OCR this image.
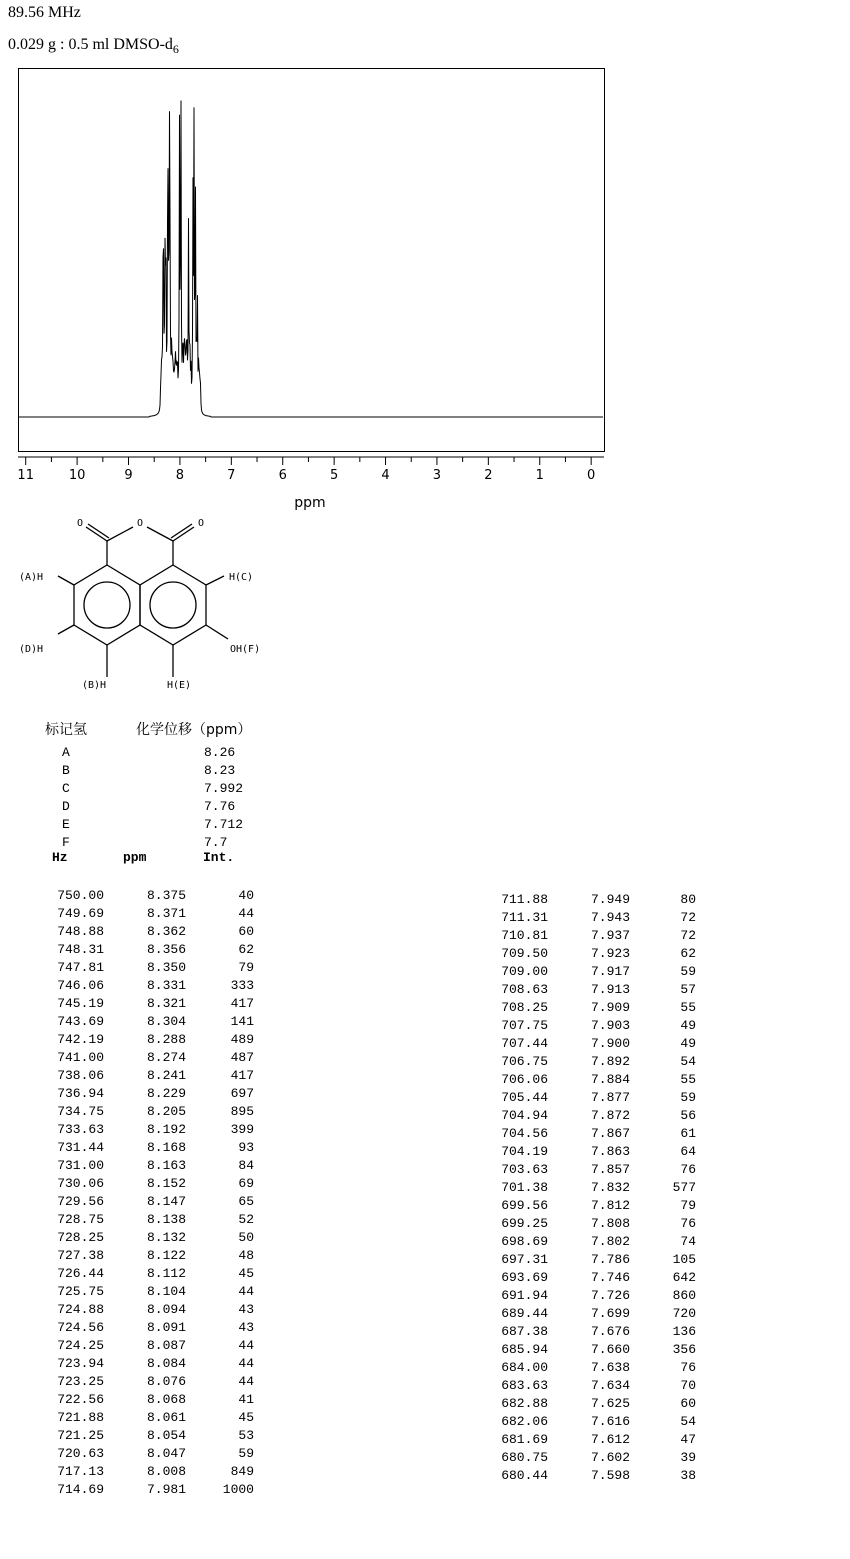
89.56 MHz
0.029 g : 0.5 ml DMSO-$d_6$
11	10	9	8	7	6	5	4	3	2	1	0
ppm
O	O	O
(A)H	H(C)
(D)H	OH(F)
(B)H	H(E)
标记氢	化学位移（ppm）
A	8.26
B	8.23
C	7.992
D	7.76
E	7.712
F	7.7
Hz	ppm	Int.
750.00	8.375	40
749.69	8.371	44
748.88	8.362	60
748.31	8.356	62
747.81	8.350	79
746.06	8.331	333
745.19	8.321	417
743.69	8.304	141
742.19	8.288	489
741.00	8.274	487
738.06	8.241	417
736.94	8.229	697
734.75	8.205	895
733.63	8.192	399
731.44	8.168	93
731.00	8.163	84
730.06	8.152	69
729.56	8.147	65
728.75	8.138	52
728.25	8.132	50
727.38	8.122	48
726.44	8.112	45
725.75	8.104	44
724.88	8.094	43
724.56	8.091	43
724.25	8.087	44
723.94	8.084	44
723.25	8.076	44
722.56	8.068	41
721.88	8.061	45
721.25	8.054	53
720.63	8.047	59
717.13	8.008	849
714.69	7.981	1000
711.88	7.949	80
711.31	7.943	72
710.81	7.937	72
709.50	7.923	62
709.00	7.917	59
708.63	7.913	57
708.25	7.909	55
707.75	7.903	49
707.44	7.900	49
706.75	7.892	54
706.06	7.884	55
705.44	7.877	59
704.94	7.872	56
704.56	7.867	61
704.19	7.863	64
703.63	7.857	76
701.38	7.832	577
699.56	7.812	79
699.25	7.808	76
698.69	7.802	74
697.31	7.786	105
693.69	7.746	642
691.94	7.726	860
689.44	7.699	720
687.38	7.676	136
685.94	7.660	356
684.00	7.638	76
683.63	7.634	70
682.88	7.625	60
682.06	7.616	54
681.69	7.612	47
680.75	7.602	39
680.44	7.598	38
